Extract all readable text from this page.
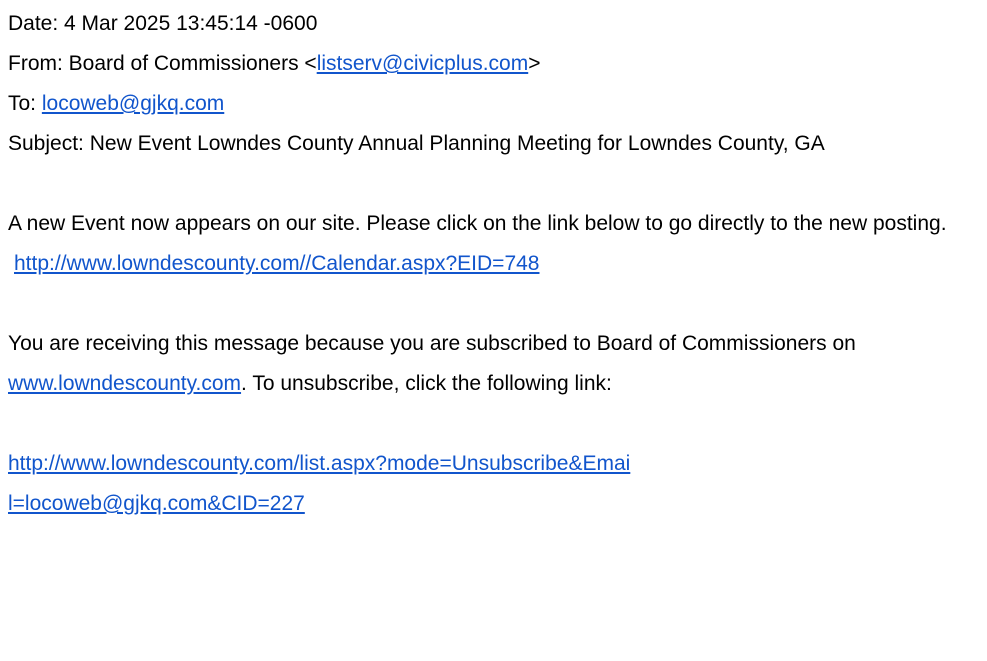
Date: 4 Mar 2025 13:45:14 -0600
From: Board of Commissioners <listserv@civicplus.com>
To: locoweb@gjkq.com
Subject: New Event Lowndes County Annual Planning Meeting for Lowndes County, GA
A new Event now appears on our site. Please click on the link below to go directly to the new posting.
http://www.lowndescounty.com//Calendar.aspx?EID=748
You are receiving this message because you are subscribed to Board of Commissioners on www.lowndescounty.com. To unsubscribe, click the following link:
http://www.lowndescounty.com/list.aspx?mode=Unsubscribe&Emai
l=locoweb@gjkq.com&CID=227
